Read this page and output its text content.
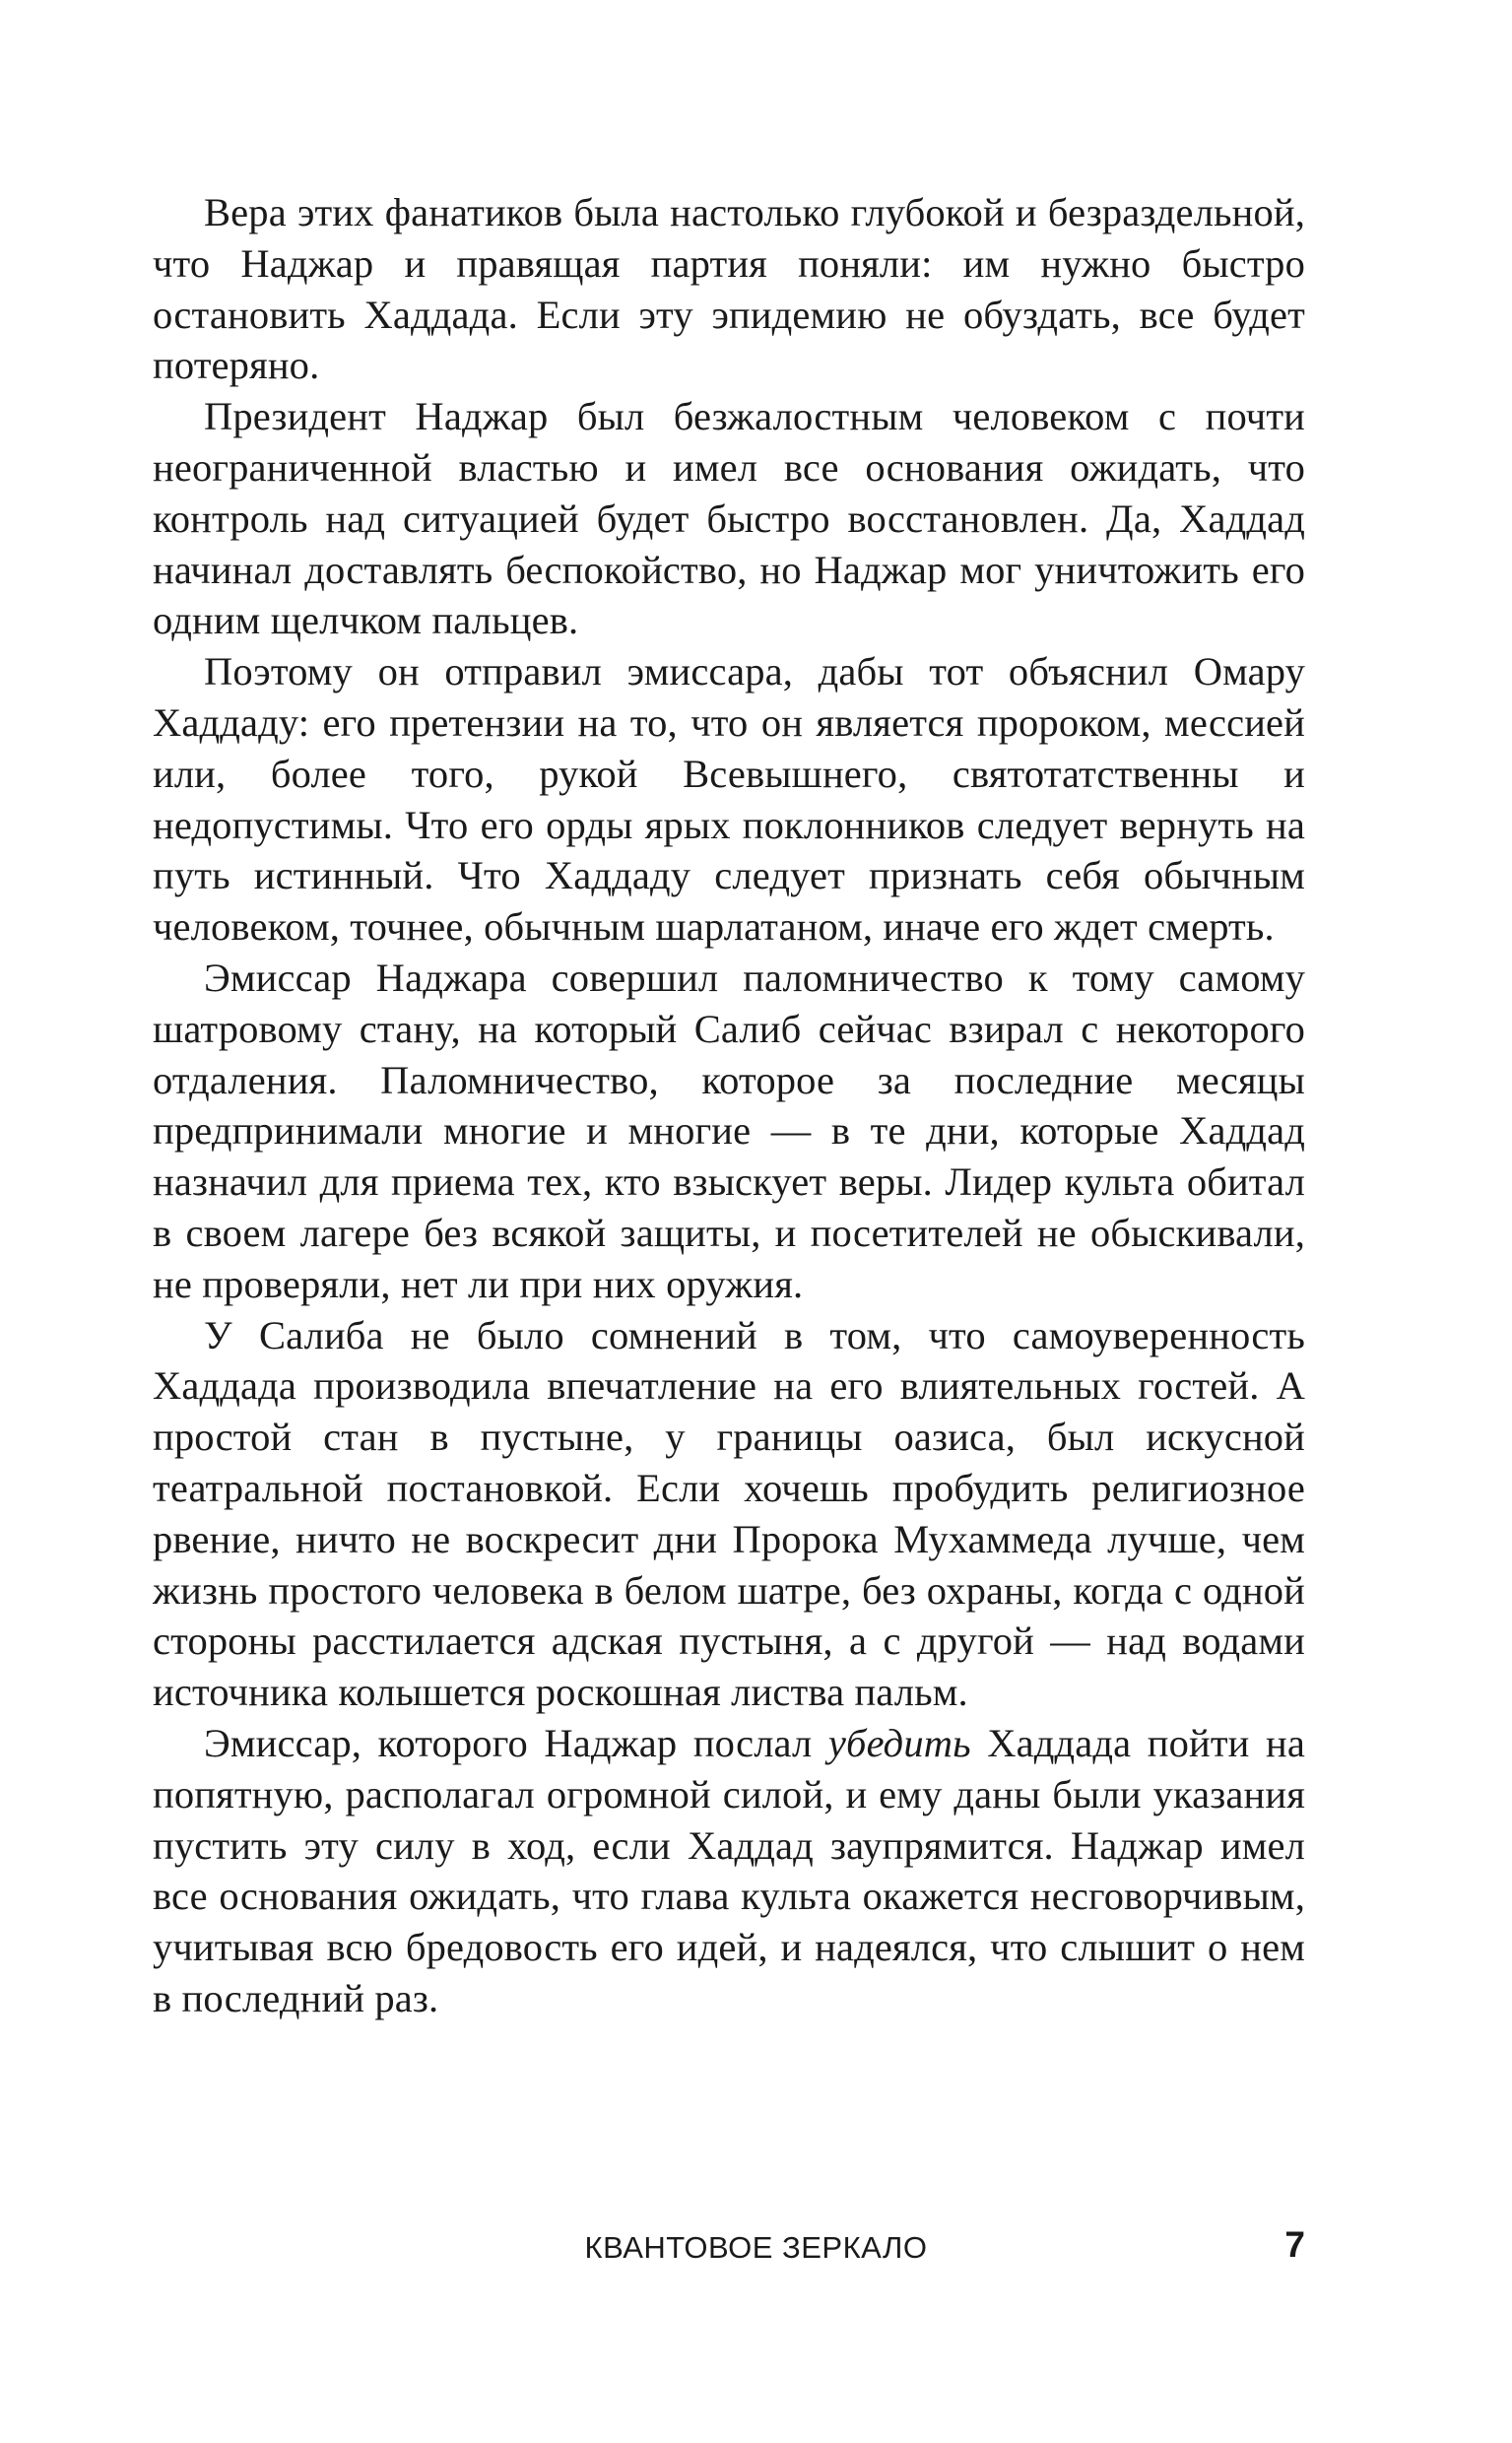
Вера этих фанатиков была настолько глубокой и безраздельной, что Наджар и правящая партия поняли: им нужно быстро остановить Хаддада. Если эту эпидемию не обуздать, все будет потеряно.

Президент Наджар был безжалостным человеком с почти неограниченной властью и имел все основания ожидать, что контроль над ситуацией будет быстро восстановлен. Да, Хаддад начинал доставлять беспокойство, но Наджар мог уничтожить его одним щелчком пальцев.

Поэтому он отправил эмиссара, дабы тот объяснил Омару Хаддаду: его претензии на то, что он является пророком, мессией или, более того, рукой Всевышнего, святотатственны и недопустимы. Что его орды ярых поклонников следует вернуть на путь истинный. Что Хаддаду следует признать себя обычным человеком, точнее, обычным шарлатаном, иначе его ждет смерть.

Эмиссар Наджара совершил паломничество к тому самому шатровому стану, на который Салиб сейчас взирал с некоторого отдаления. Паломничество, которое за последние месяцы предпринимали многие и многие — в те дни, которые Хаддад назначил для приема тех, кто взыскует веры. Лидер культа обитал в своем лагере без всякой защиты, и посетителей не обыскивали, не проверяли, нет ли при них оружия.

У Салиба не было сомнений в том, что самоуверенность Хаддада производила впечатление на его влиятельных гостей. А простой стан в пустыне, у границы оазиса, был искусной театральной постановкой. Если хочешь пробудить религиозное рвение, ничто не воскресит дни Пророка Мухаммеда лучше, чем жизнь простого человека в белом шатре, без охраны, когда с одной стороны расстилается адская пустыня, а с другой — над водами источника колышется роскошная листва пальм.

Эмиссар, которого Наджар послал убедить Хаддада пойти на попятную, располагал огромной силой, и ему даны были указания пустить эту силу в ход, если Хаддад заупрямится. Наджар имел все основания ожидать, что глава культа окажется несговорчивым, учитывая всю бредовость его идей, и надеялся, что слышит о нем в последний раз.

КВАНТОВОЕ ЗЕРКАЛО	7
